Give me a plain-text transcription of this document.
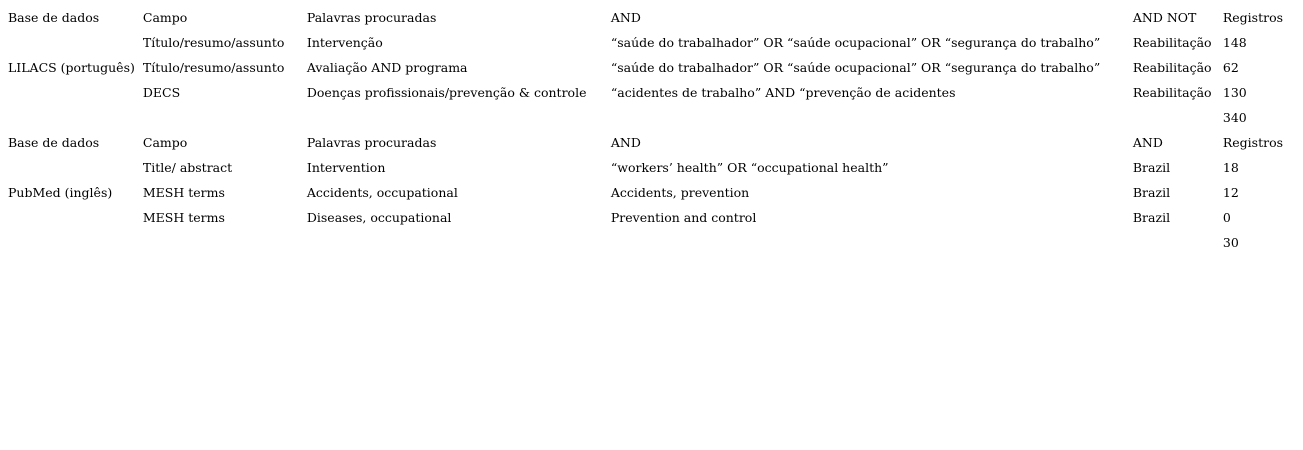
Base de dados	Campo	Palavras procuradas	AND	AND NOT	Registros
LILACS (português)	Título/resumo/assunto	Intervenção	“saúde do trabalhador” OR “saúde ocupacional” OR “segurança do trabalho”	Reabilitação	148
	Título/resumo/assunto	Avaliação AND programa	“saúde do trabalhador” OR “saúde ocupacional” OR “segurança do trabalho”	Reabilitação	62
	DECS	Doenças profissionais/prevenção & controle	“acidentes de trabalho” AND “prevenção de acidentes	Reabilitação	130
					340
Base de dados	Campo	Palavras procuradas	AND	AND	Registros
PubMed (inglês)	Title/ abstract	Intervention	“workers’ health” OR “occupational health”	Brazil	18
	MESH terms	Accidents, occupational	Accidents, prevention	Brazil	12
	MESH terms	Diseases, occupational	Prevention and control	Brazil	0
					30
